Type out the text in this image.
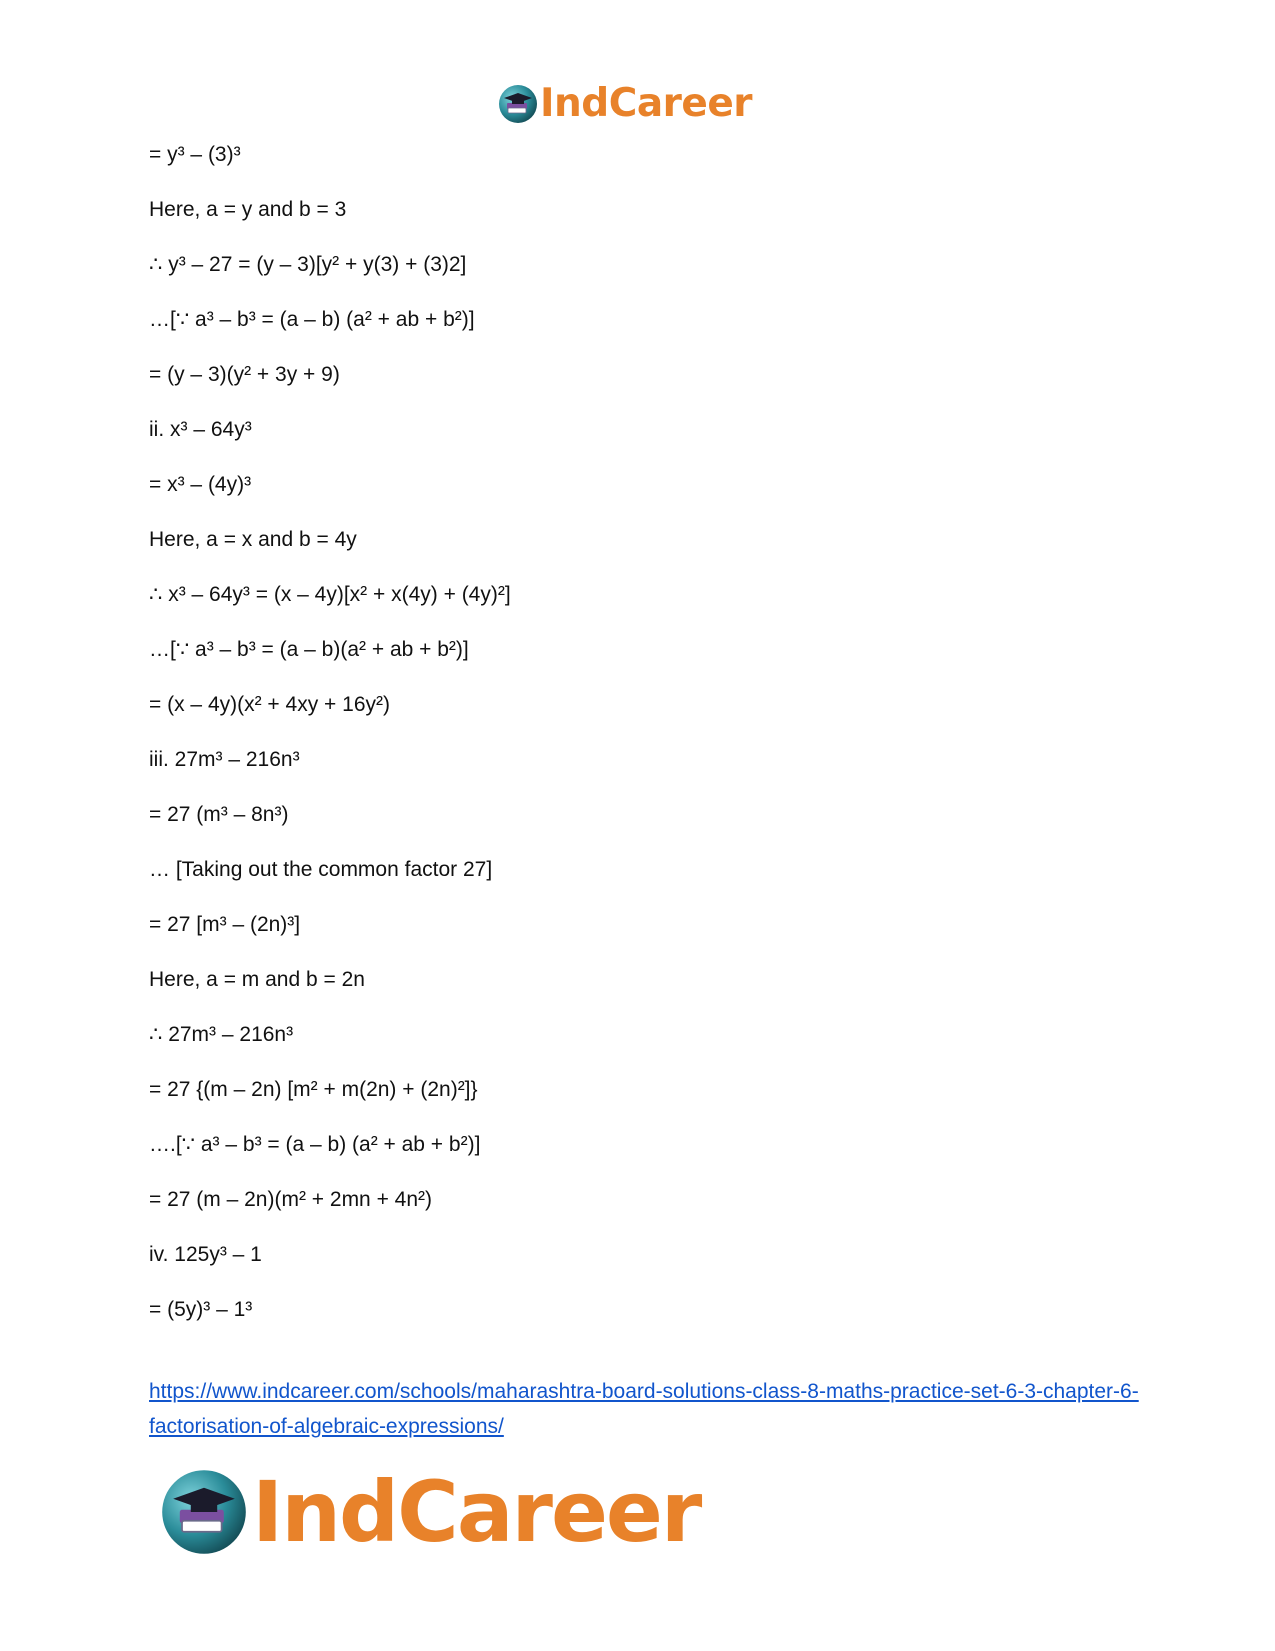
IndCareer
= y³ – (3)³
Here, a = y and b = 3
∴ y³ – 27 = (y – 3)[y² + y(3) + (3)2]
…[∵ a³ – b³ = (a – b) (a² + ab + b²)]
= (y – 3)(y² + 3y + 9)
ii. x³ – 64y³
= x³ – (4y)³
Here, a = x and b = 4y
∴ x³ – 64y³ = (x – 4y)[x² + x(4y) + (4y)²]
…[∵ a³ – b³ = (a – b)(a² + ab + b²)]
= (x – 4y)(x² + 4xy + 16y²)
iii. 27m³ – 216n³
= 27 (m³ – 8n³)
… [Taking out the common factor 27]
= 27 [m³ – (2n)³]
Here, a = m and b = 2n
∴ 27m³ – 216n³
= 27 {(m – 2n) [m² + m(2n) + (2n)²]}
….[∵ a³ – b³ = (a – b) (a² + ab + b²)]
= 27 (m – 2n)(m² + 2mn + 4n²)
iv. 125y³ – 1
= (5y)³ – 1³
https://www.indcareer.com/schools/maharashtra-board-solutions-class-8-maths-practice-set-6-3-chapter-6-factorisation-of-algebraic-expressions/
IndCareer
